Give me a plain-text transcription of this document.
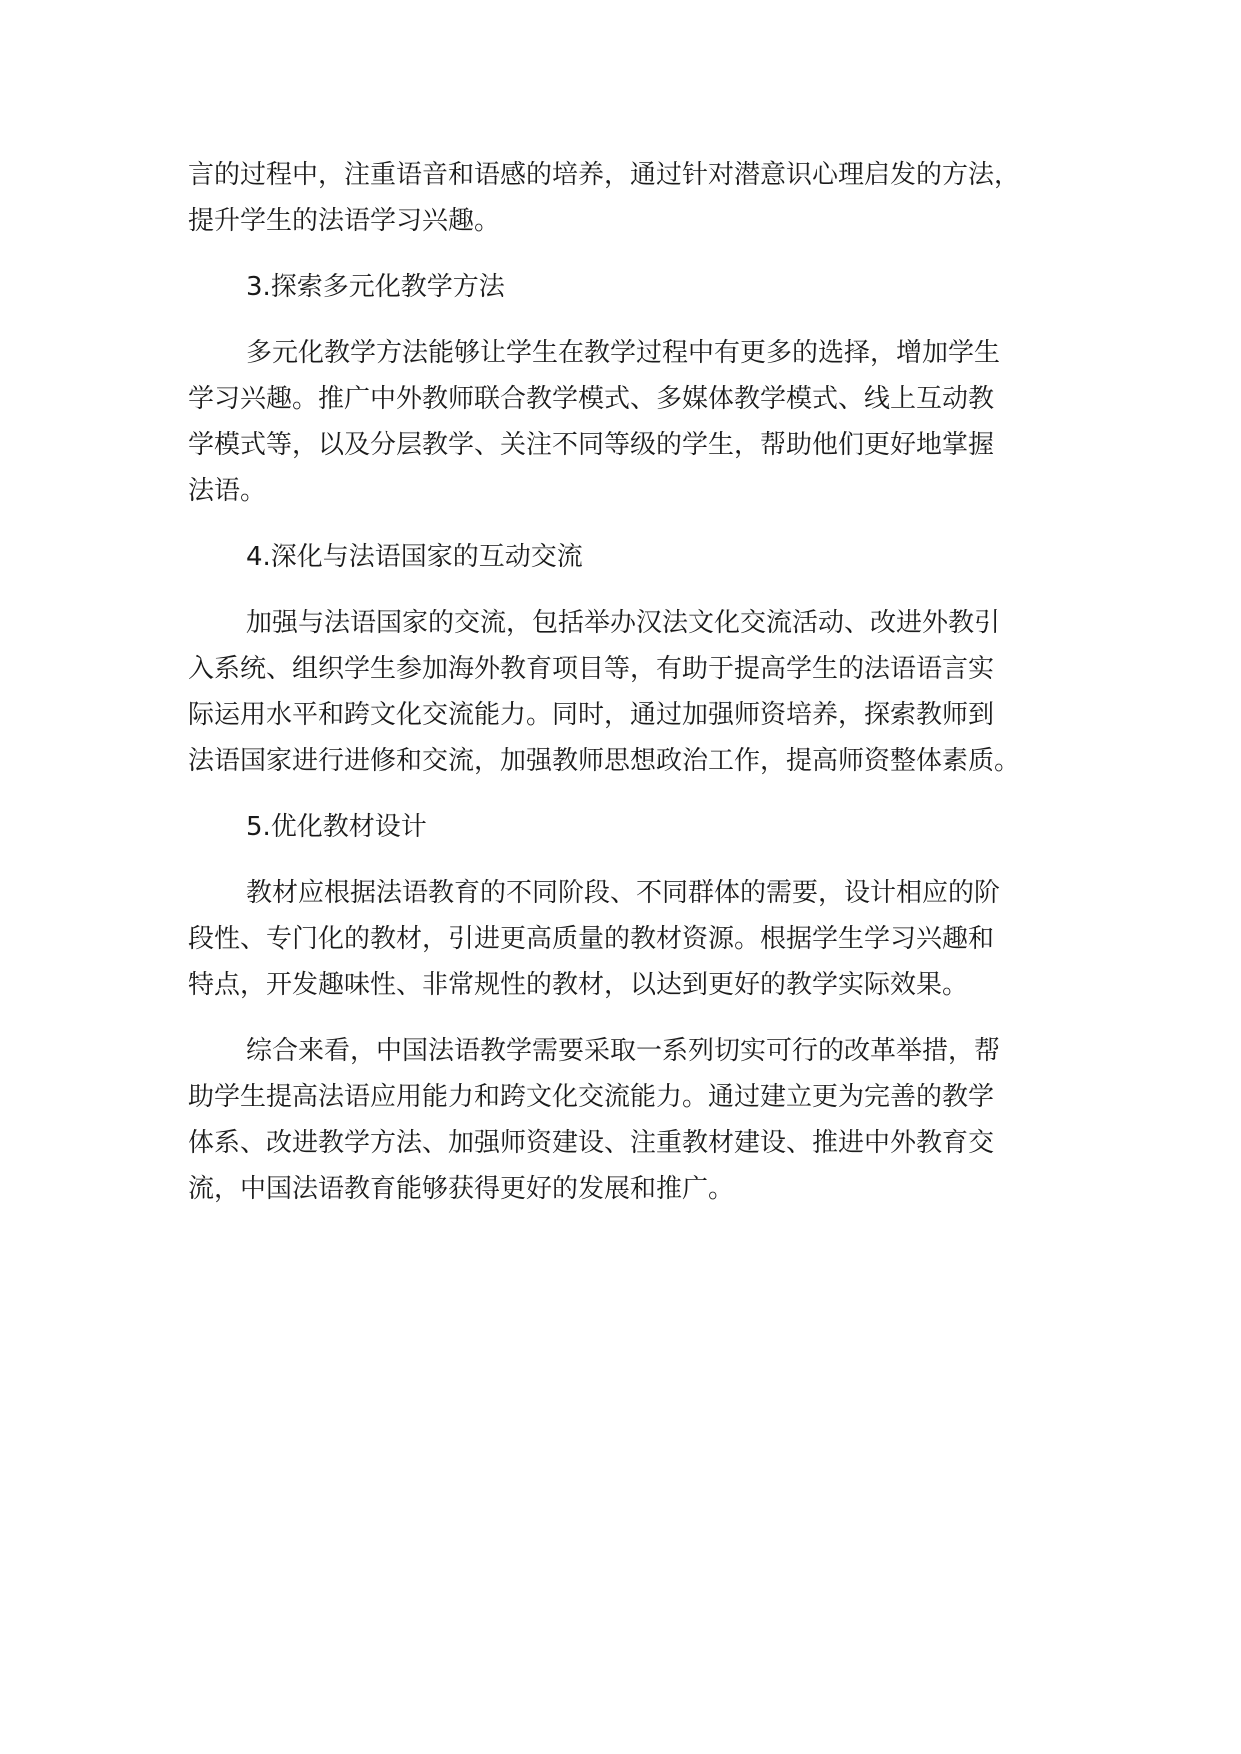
言的过程中，注重语音和语感的培养，通过针对潜意识心理启发的方法，
提升学生的法语学习兴趣。
3.探索多元化教学方法
多元化教学方法能够让学生在教学过程中有更多的选择，增加学生
学习兴趣。推广中外教师联合教学模式、多媒体教学模式、线上互动教
学模式等，以及分层教学、关注不同等级的学生，帮助他们更好地掌握
法语。
4.深化与法语国家的互动交流
加强与法语国家的交流，包括举办汉法文化交流活动、改进外教引
入系统、组织学生参加海外教育项目等，有助于提高学生的法语语言实
际运用水平和跨文化交流能力。同时，通过加强师资培养，探索教师到
法语国家进行进修和交流，加强教师思想政治工作，提高师资整体素质。
5.优化教材设计
教材应根据法语教育的不同阶段、不同群体的需要，设计相应的阶
段性、专门化的教材，引进更高质量的教材资源。根据学生学习兴趣和
特点，开发趣味性、非常规性的教材，以达到更好的教学实际效果。
综合来看，中国法语教学需要采取一系列切实可行的改革举措，帮
助学生提高法语应用能力和跨文化交流能力。通过建立更为完善的教学
体系、改进教学方法、加强师资建设、注重教材建设、推进中外教育交
流，中国法语教育能够获得更好的发展和推广。
